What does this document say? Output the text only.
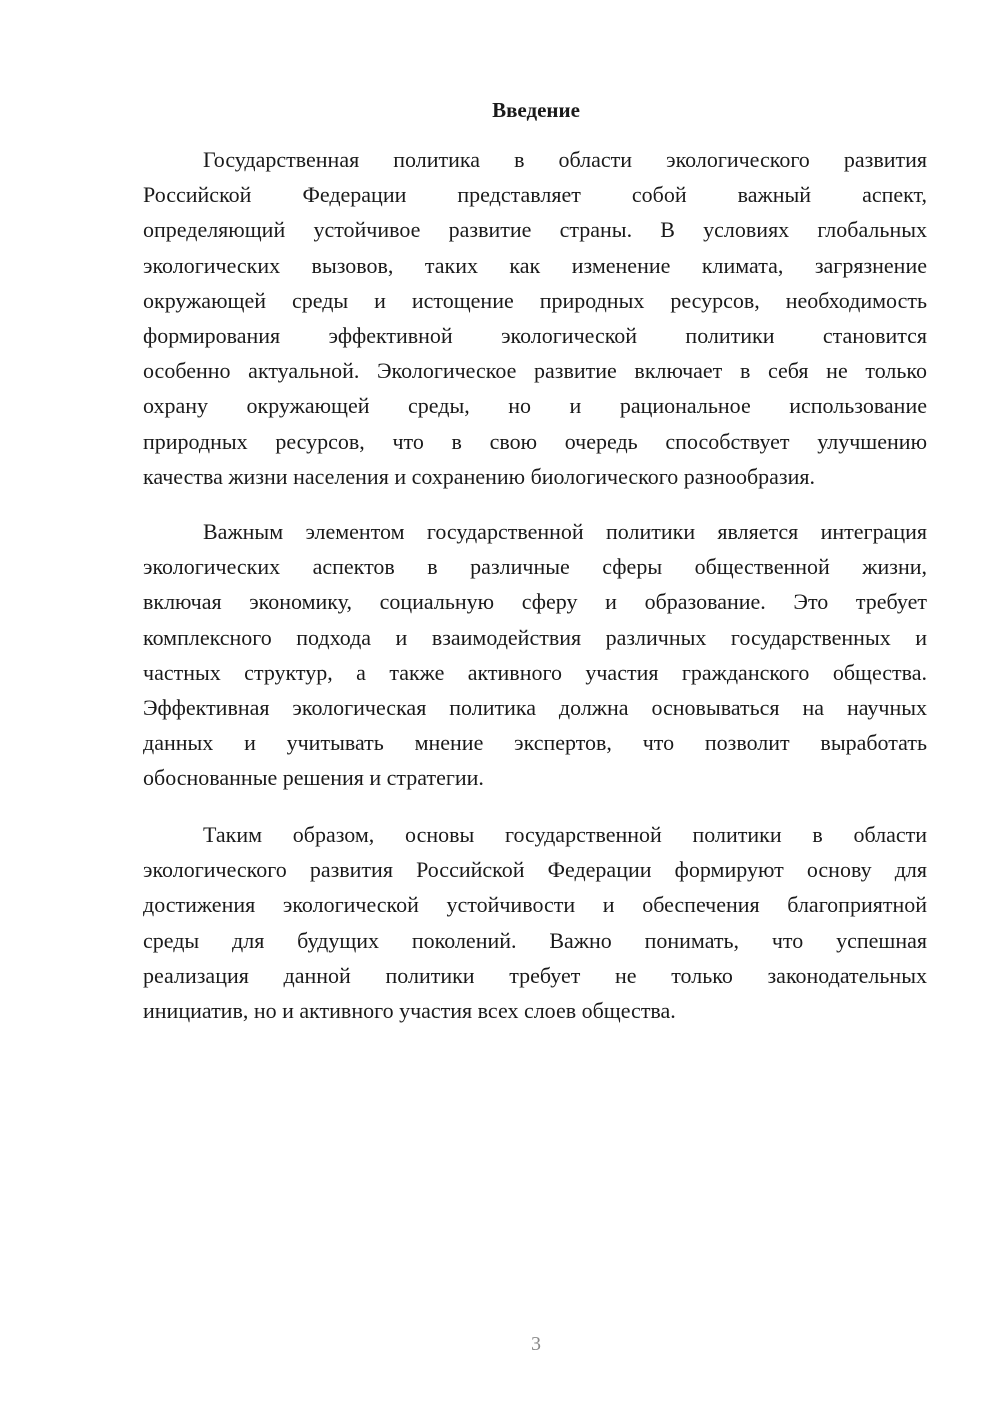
Введение
Государственная политика в области экологического развития
Российской Федерации представляет собой важный аспект,
определяющий устойчивое развитие страны. В условиях глобальных
экологических вызовов, таких как изменение климата, загрязнение
окружающей среды и истощение природных ресурсов, необходимость
формирования эффективной экологической политики становится
особенно актуальной. Экологическое развитие включает в себя не только
охрану окружающей среды, но и рациональное использование
природных ресурсов, что в свою очередь способствует улучшению
качества жизни населения и сохранению биологического разнообразия.
Важным элементом государственной политики является интеграция
экологических аспектов в различные сферы общественной жизни,
включая экономику, социальную сферу и образование. Это требует
комплексного подхода и взаимодействия различных государственных и
частных структур, а также активного участия гражданского общества.
Эффективная экологическая политика должна основываться на научных
данных и учитывать мнение экспертов, что позволит выработать
обоснованные решения и стратегии.
Таким образом, основы государственной политики в области
экологического развития Российской Федерации формируют основу для
достижения экологической устойчивости и обеспечения благоприятной
среды для будущих поколений. Важно понимать, что успешная
реализация данной политики требует не только законодательных
инициатив, но и активного участия всех слоев общества.
3
